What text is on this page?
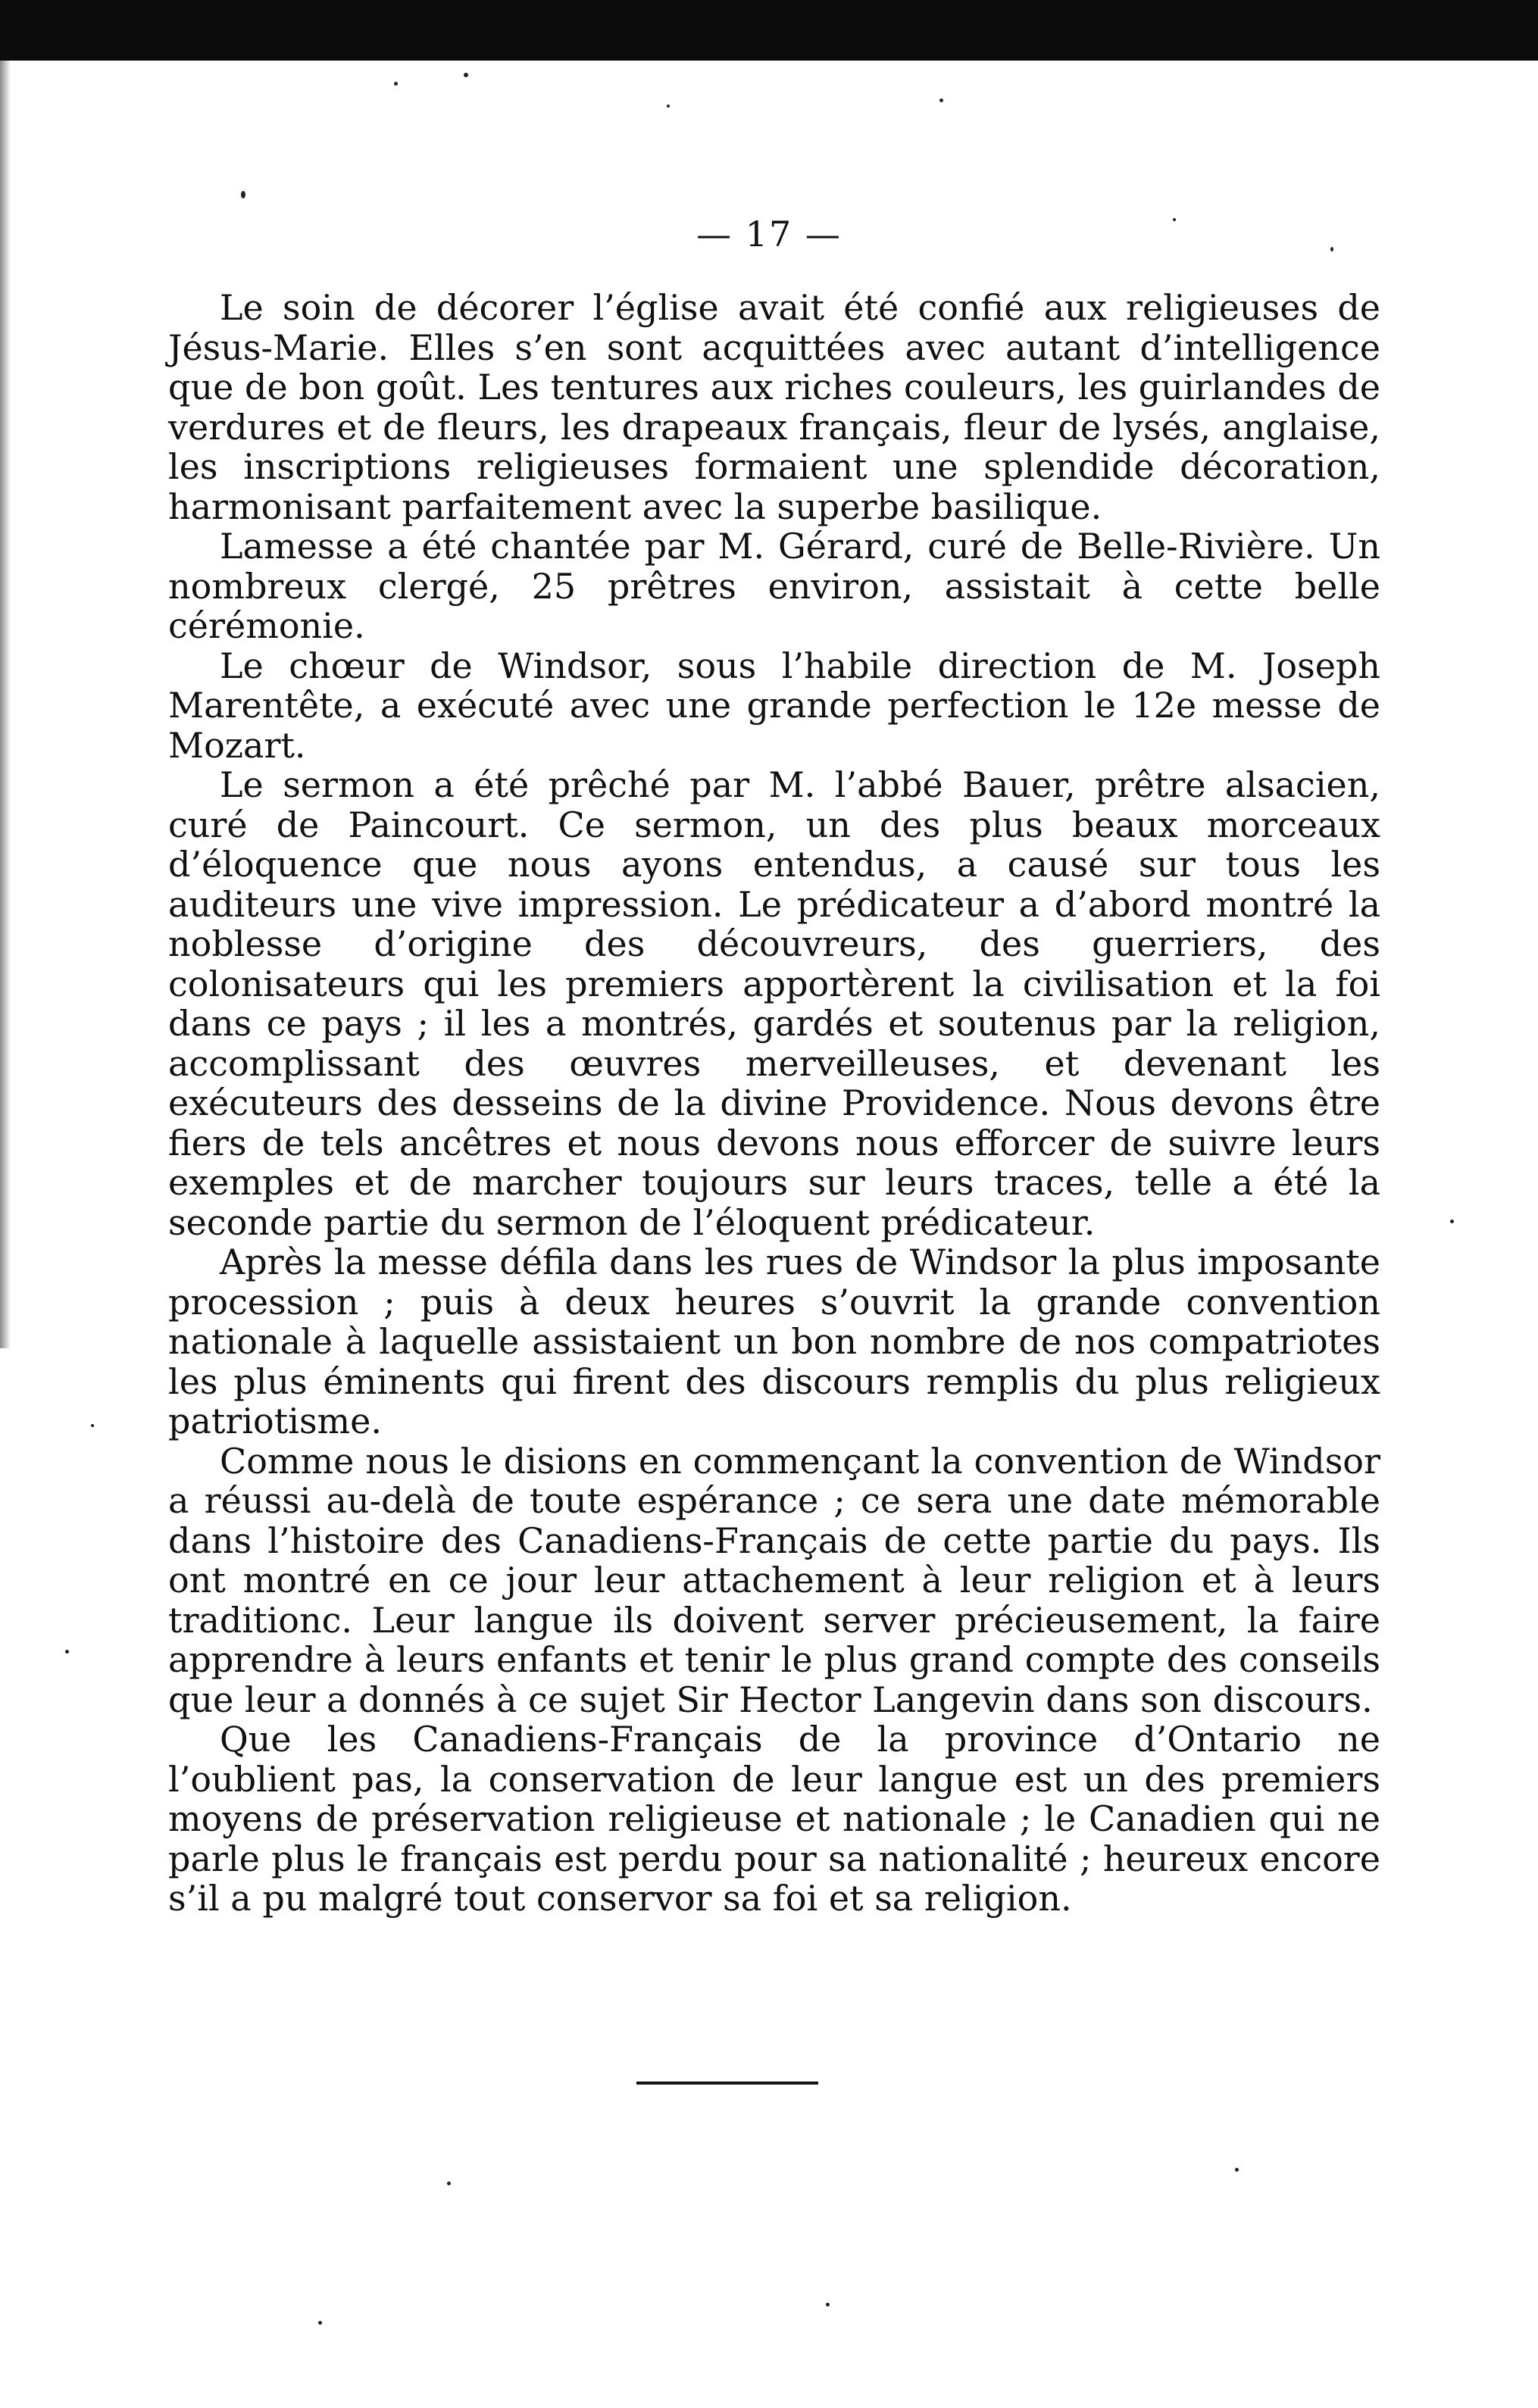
— 17 —

Le soin de décorer l’église avait été confié aux religieuses de Jésus-Marie. Elles s’en sont acquittées avec autant d’intelligence que de bon goût. Les tentures aux riches couleurs, les guirlandes de verdures et de fleurs, les drapeaux français, fleur de lysés, anglaise, les inscriptions religieuses formaient une splendide décoration, harmonisant parfaitement avec la superbe basilique.

Lamesse a été chantée par M. Gérard, curé de Belle-Rivière. Un nombreux clergé, 25 prêtres environ, assistait à cette belle cérémonie.

Le chœur de Windsor, sous l’habile direction de M. Joseph Marentête, a exécuté avec une grande perfection le 12e messe de Mozart.

Le sermon a été prêché par M. l’abbé Bauer, prêtre alsacien, curé de Paincourt. Ce sermon, un des plus beaux morceaux d’éloquence que nous ayons entendus, a causé sur tous les auditeurs une vive impression. Le prédicateur a d’abord montré la noblesse d’origine des découvreurs, des guerriers, des colonisateurs qui les premiers apportèrent la civilisation et la foi dans ce pays ; il les a montrés, gardés et soutenus par la religion, accomplissant des œuvres merveilleuses, et devenant les exécuteurs des desseins de la divine Providence. Nous devons être fiers de tels ancêtres et nous devons nous efforcer de suivre leurs exemples et de marcher toujours sur leurs traces, telle a été la seconde partie du sermon de l’éloquent prédicateur.

Après la messe défila dans les rues de Windsor la plus imposante procession ; puis à deux heures s’ouvrit la grande convention nationale à laquelle assistaient un bon nombre de nos compatriotes les plus éminents qui firent des discours remplis du plus religieux patriotisme.

Comme nous le disions en commençant la convention de Windsor a réussi au-delà de toute espérance ; ce sera une date mémorable dans l’histoire des Canadiens-Français de cette partie du pays. Ils ont montré en ce jour leur attachement à leur religion et à leurs traditionc. Leur langue ils doivent server précieusement, la faire apprendre à leurs enfants et tenir le plus grand compte des conseils que leur a donnés à ce sujet Sir Hector Langevin dans son discours.

Que les Canadiens-Français de la province d’Ontario ne l’oublient pas, la conservation de leur langue est un des premiers moyens de préservation religieuse et nationale ; le Canadien qui ne parle plus le français est perdu pour sa nationalité ; heureux encore s’il a pu malgré tout conservor sa foi et sa religion.
